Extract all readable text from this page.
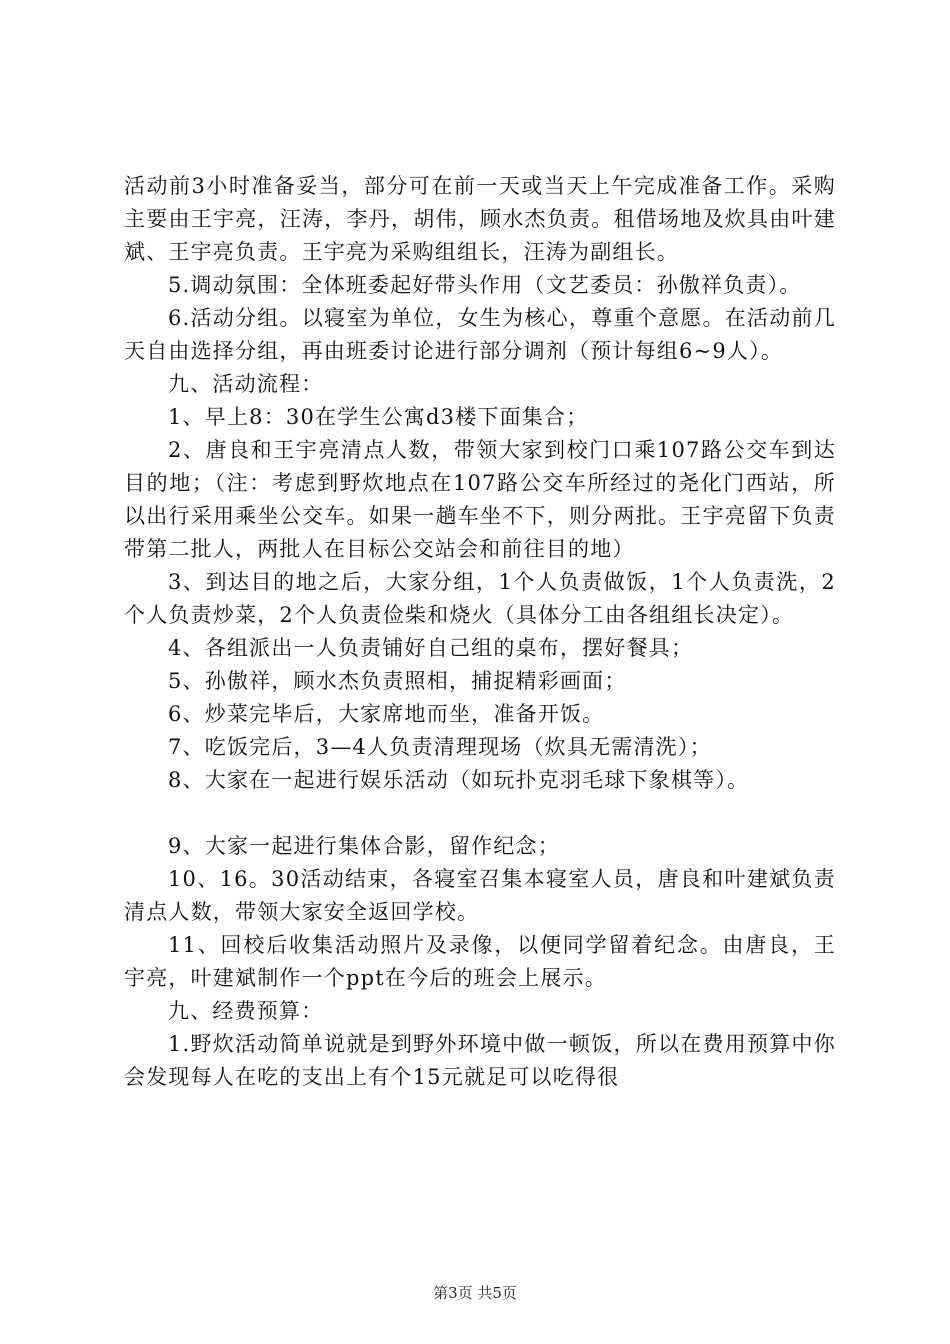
活动前3小时准备妥当，部分可在前一天或当天上午完成准备工作。采购主要由王宇亮，汪涛，李丹，胡伟，顾水杰负责。租借场地及炊具由叶建斌、王宇亮负责。王宇亮为采购组组长，汪涛为副组长。

5.调动氛围：全体班委起好带头作用（文艺委员：孙傲祥负责）。

6.活动分组。以寝室为单位，女生为核心，尊重个意愿。在活动前几天自由选择分组，再由班委讨论进行部分调剂（预计每组6~9人）。

九、活动流程：

1、早上8：30在学生公寓d3楼下面集合；

2、唐良和王宇亮清点人数，带领大家到校门口乘107路公交车到达目的地；（注：考虑到野炊地点在107路公交车所经过的尧化门西站，所以出行采用乘坐公交车。如果一趟车坐不下，则分两批。王宇亮留下负责带第二批人，两批人在目标公交站会和前往目的地）

3、到达目的地之后，大家分组，1个人负责做饭，1个人负责洗，2个人负责炒菜，2个人负责俭柴和烧火（具体分工由各组组长决定）。

4、各组派出一人负责铺好自己组的桌布，摆好餐具；

5、孙傲祥，顾水杰负责照相，捕捉精彩画面；

6、炒菜完毕后，大家席地而坐，准备开饭。

7、吃饭完后，3—4人负责清理现场（炊具无需清洗）；

8、大家在一起进行娱乐活动（如玩扑克羽毛球下象棋等）。

9、大家一起进行集体合影，留作纪念；

10、16。30活动结束，各寝室召集本寝室人员，唐良和叶建斌负责清点人数，带领大家安全返回学校。

11、回校后收集活动照片及录像，以便同学留着纪念。由唐良，王宇亮，叶建斌制作一个ppt在今后的班会上展示。

九、经费预算：

1.野炊活动简单说就是到野外环境中做一顿饭，所以在费用预算中你会发现每人在吃的支出上有个15元就足可以吃得很

第3页 共5页
